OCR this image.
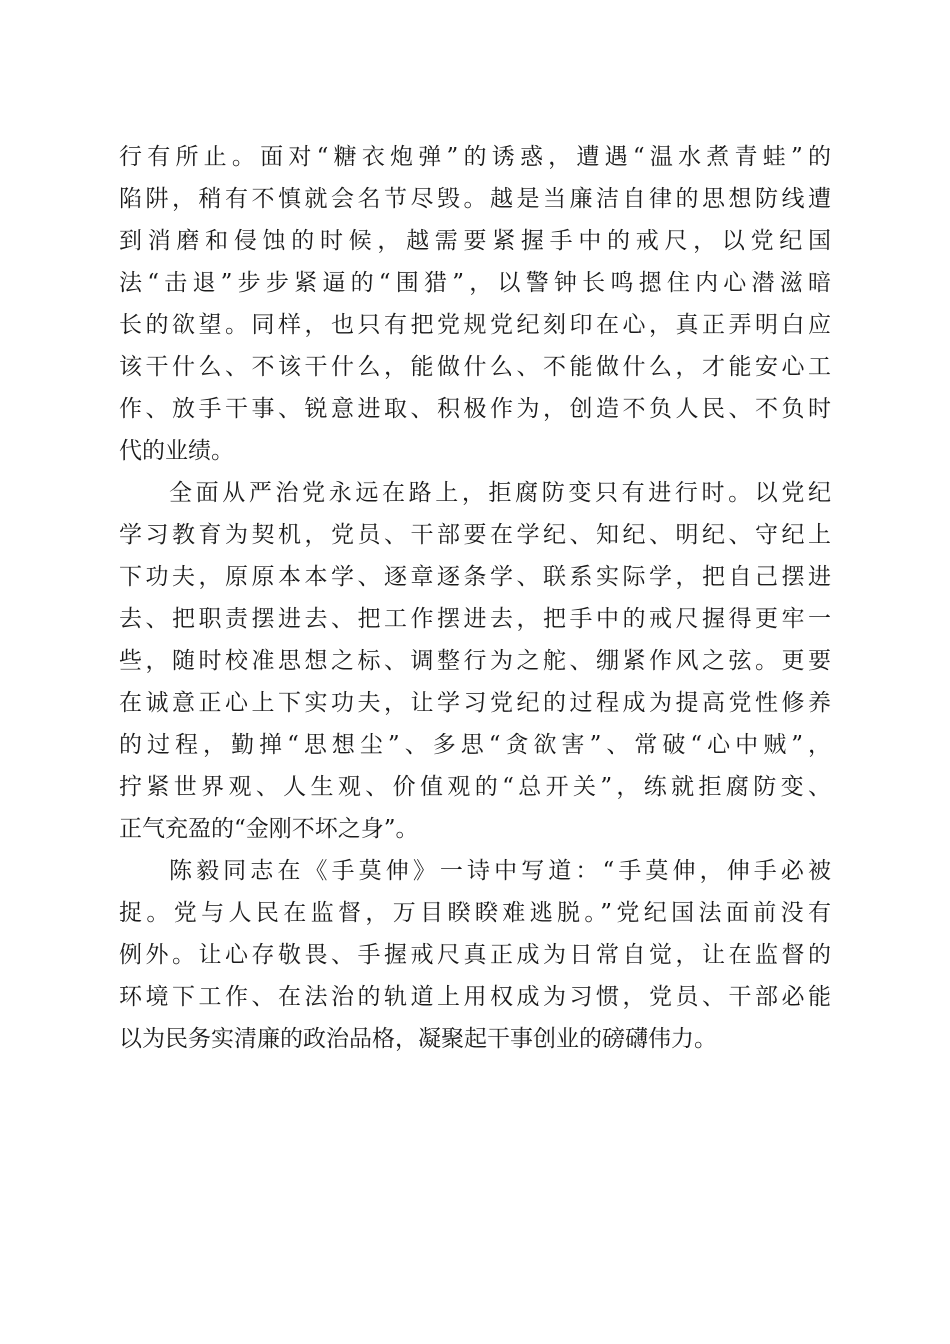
行有所止。面对“糖衣炮弹”的诱惑，遭遇“温水煮青蛙”的
陷阱，稍有不慎就会名节尽毁。越是当廉洁自律的思想防线遭
到消磨和侵蚀的时候，越需要紧握手中的戒尺，以党纪国
法“击退”步步紧逼的“围猎”，以警钟长鸣摁住内心潜滋暗
长的欲望。同样，也只有把党规党纪刻印在心，真正弄明白应
该干什么、不该干什么，能做什么、不能做什么，才能安心工
作、放手干事、锐意进取、积极作为，创造不负人民、不负时
代的业绩。
全面从严治党永远在路上，拒腐防变只有进行时。以党纪
学习教育为契机，党员、干部要在学纪、知纪、明纪、守纪上
下功夫，原原本本学、逐章逐条学、联系实际学，把自己摆进
去、把职责摆进去、把工作摆进去，把手中的戒尺握得更牢一
些，随时校准思想之标、调整行为之舵、绷紧作风之弦。更要
在诚意正心上下实功夫，让学习党纪的过程成为提高党性修养
的过程，勤掸“思想尘”、多思“贪欲害”、常破“心中贼”，
拧紧世界观、人生观、价值观的“总开关”，练就拒腐防变、
正气充盈的“金刚不坏之身”。
陈毅同志在《手莫伸》一诗中写道：“手莫伸，伸手必被
捉。党与人民在监督，万目睽睽难逃脱。”党纪国法面前没有
例外。让心存敬畏、手握戒尺真正成为日常自觉，让在监督的
环境下工作、在法治的轨道上用权成为习惯，党员、干部必能
以为民务实清廉的政治品格，凝聚起干事创业的磅礴伟力。
